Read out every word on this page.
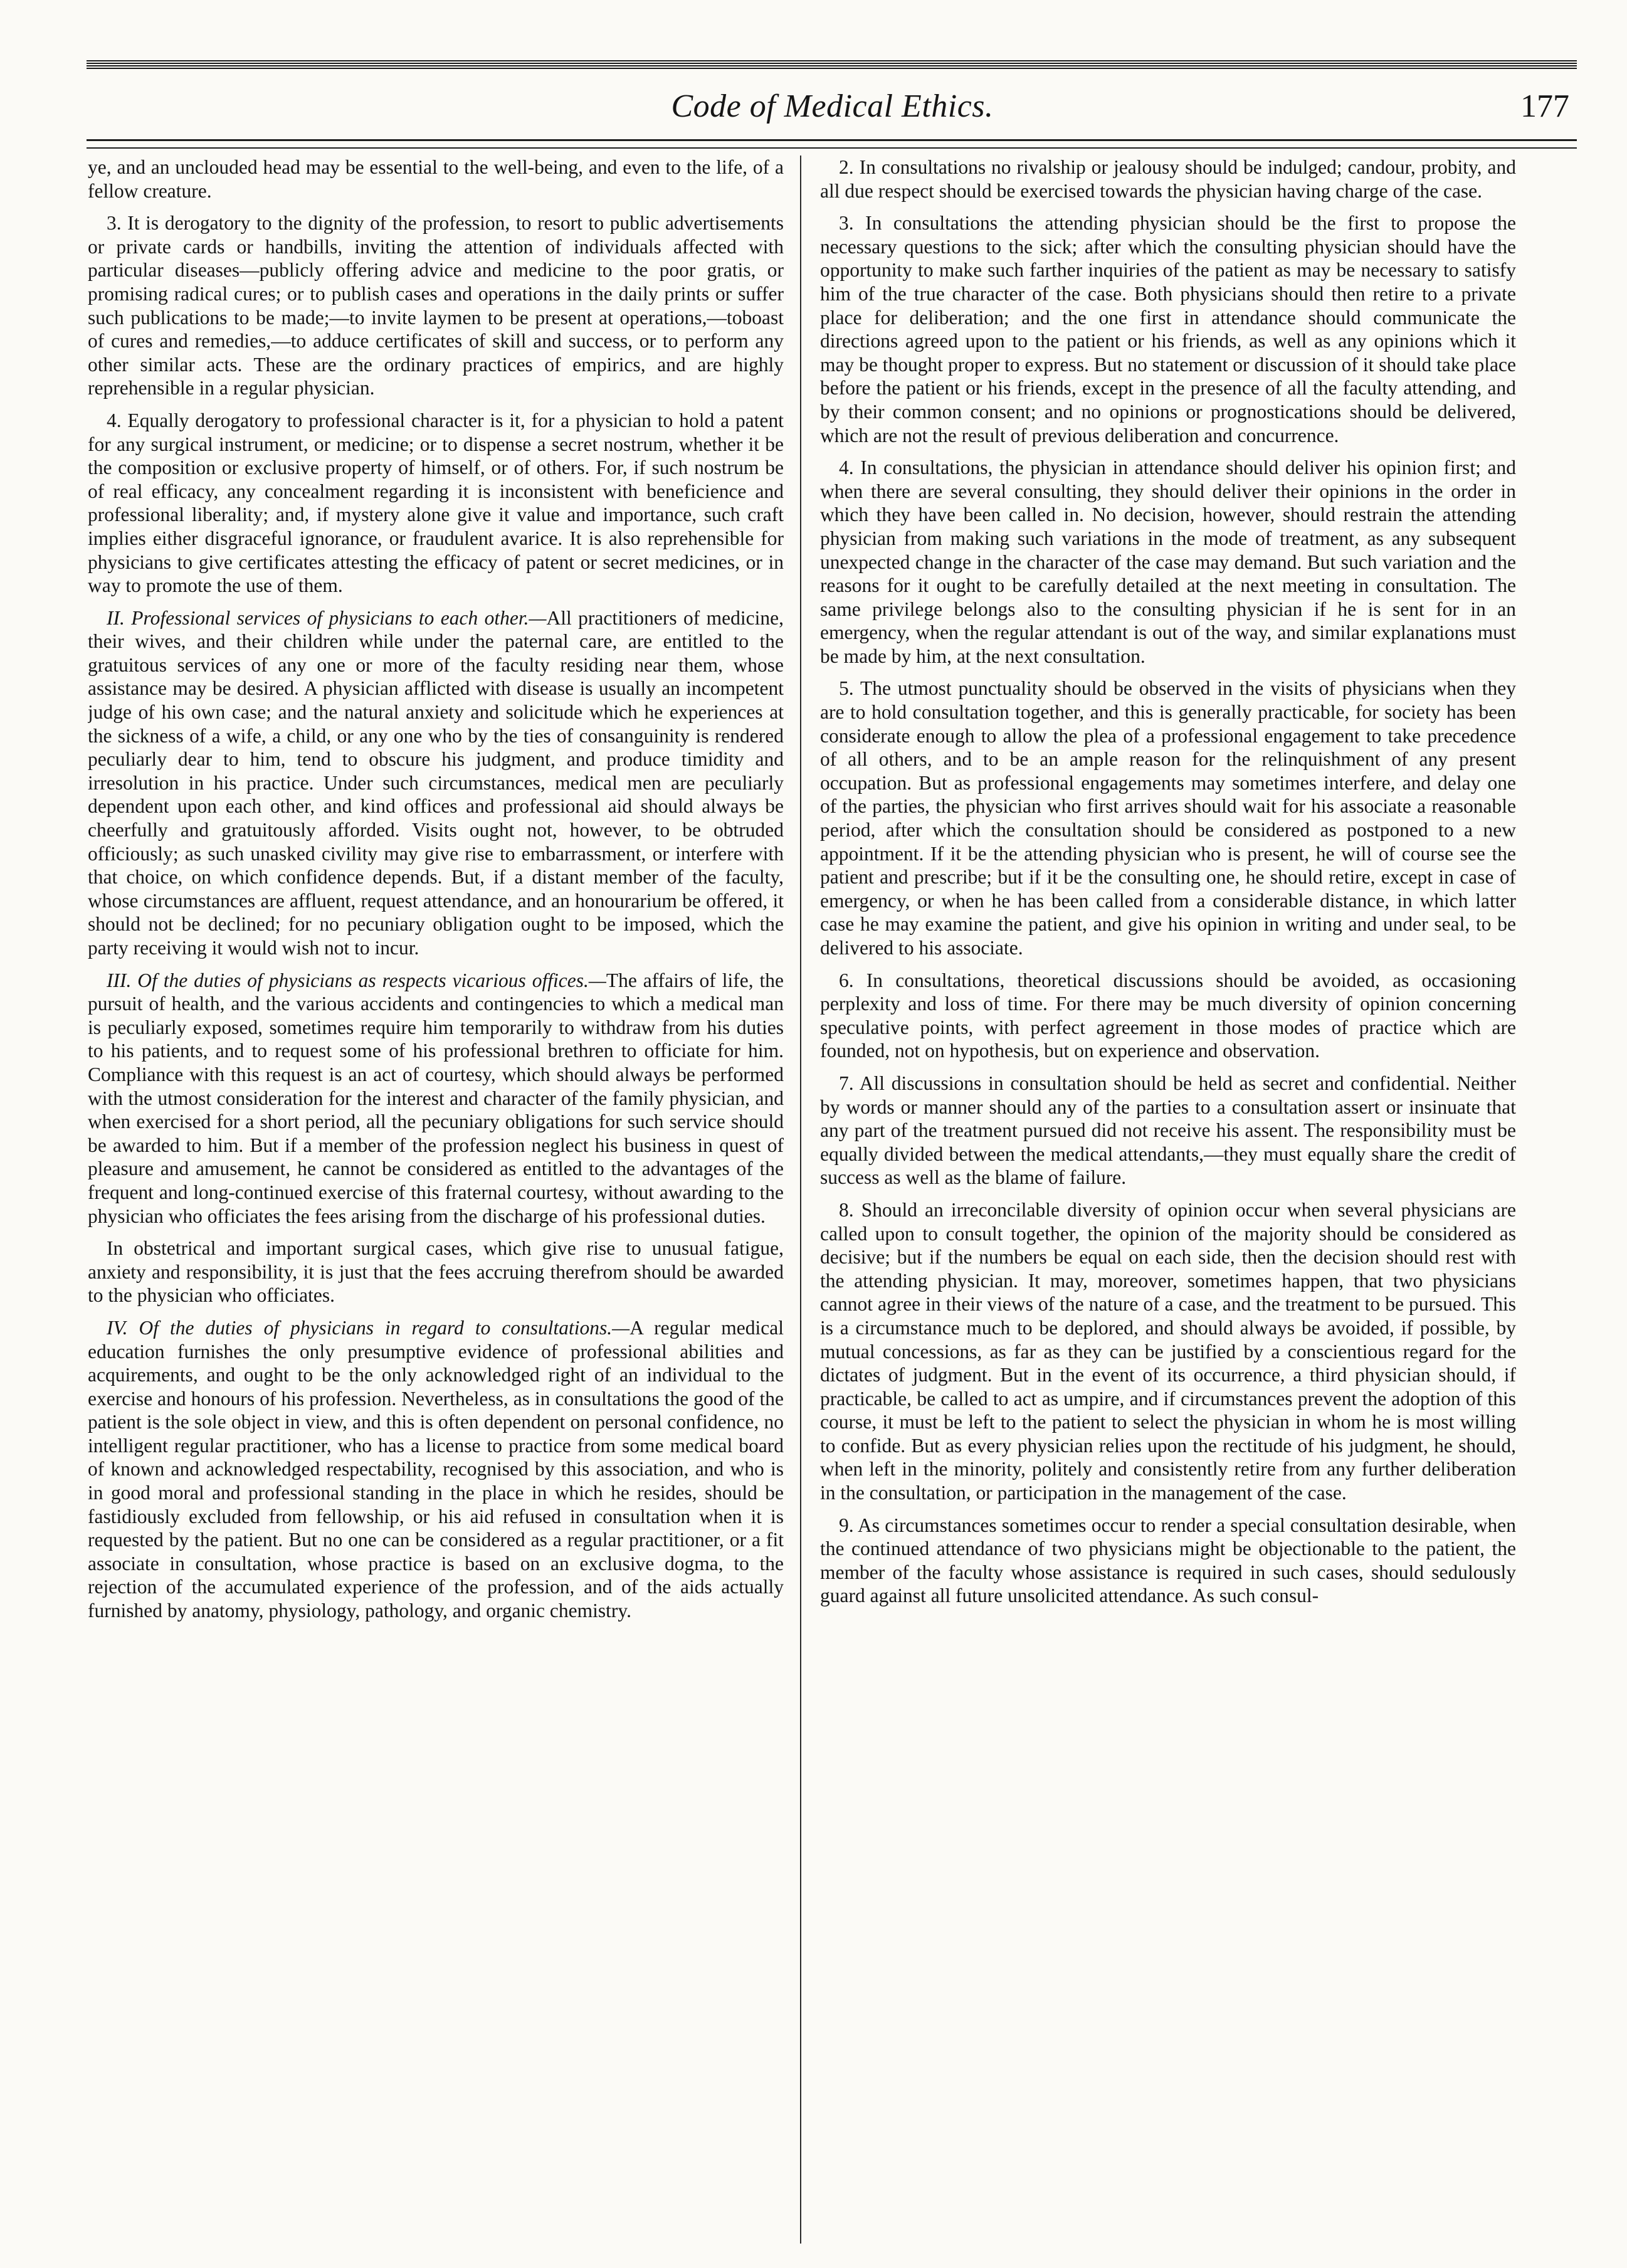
Code of Medical Ethics.	177

ye, and an unclouded head may be essential to the well-being, and even to the life, of a fellow creature.

3. It is derogatory to the dignity of the profession, to resort to public advertisements or private cards or handbills, inviting the attention of individuals affected with particular diseases—publicly offering advice and medicine to the poor gratis, or promising radical cures; or to publish cases and operations in the daily prints or suffer such publications to be made;—to invite laymen to be present at operations,—toboast of cures and remedies,—to adduce certificates of skill and success, or to perform any other similar acts. These are the ordinary practices of empirics, and are highly reprehensible in a regular physician.

4. Equally derogatory to professional character is it, for a physician to hold a patent for any surgical instrument, or medicine; or to dispense a secret nostrum, whether it be the composition or exclusive property of himself, or of others. For, if such nostrum be of real efficacy, any concealment regarding it is inconsistent with beneficience and professional liberality; and, if mystery alone give it value and importance, such craft implies either disgraceful ignorance, or fraudulent avarice. It is also reprehensible for physicians to give certificates attesting the efficacy of patent or secret medicines, or in way to promote the use of them.

II. Professional services of physicians to each other.—All practitioners of medicine, their wives, and their children while under the paternal care, are entitled to the gratuitous services of any one or more of the faculty residing near them, whose assistance may be desired. A physician afflicted with disease is usually an incompetent judge of his own case; and the natural anxiety and solicitude which he experiences at the sickness of a wife, a child, or any one who by the ties of consanguinity is rendered peculiarly dear to him, tend to obscure his judgment, and produce timidity and irresolution in his practice. Under such circumstances, medical men are peculiarly dependent upon each other, and kind offices and professional aid should always be cheerfully and gratuitously afforded. Visits ought not, however, to be obtruded officiously; as such unasked civility may give rise to embarrassment, or interfere with that choice, on which confidence depends. But, if a distant member of the faculty, whose circumstances are affluent, request attendance, and an honourarium be offered, it should not be declined; for no pecuniary obligation ought to be imposed, which the party receiving it would wish not to incur.

III. Of the duties of physicians as respects vicarious offices.—The affairs of life, the pursuit of health, and the various accidents and contingencies to which a medical man is peculiarly exposed, sometimes require him temporarily to withdraw from his duties to his patients, and to request some of his professional brethren to officiate for him. Compliance with this request is an act of courtesy, which should always be performed with the utmost consideration for the interest and character of the family physician, and when exercised for a short period, all the pecuniary obligations for such service should be awarded to him. But if a member of the profession neglect his business in quest of pleasure and amusement, he cannot be considered as entitled to the advantages of the frequent and long-continued exercise of this fraternal courtesy, without awarding to the physician who officiates the fees arising from the discharge of his professional duties.

In obstetrical and important surgical cases, which give rise to unusual fatigue, anxiety and responsibility, it is just that the fees accruing therefrom should be awarded to the physician who officiates.

IV. Of the duties of physicians in regard to consultations.—A regular medical education furnishes the only presumptive evidence of professional abilities and acquirements, and ought to be the only acknowledged right of an individual to the exercise and honours of his profession. Nevertheless, as in consultations the good of the patient is the sole object in view, and this is often dependent on personal confidence, no intelligent regular practitioner, who has a license to practice from some medical board of known and acknowledged respectability, recognised by this association, and who is in good moral and professional standing in the place in which he resides, should be fastidiously excluded from fellowship, or his aid refused in consultation when it is requested by the patient. But no one can be considered as a regular practitioner, or a fit associate in consultation, whose practice is based on an exclusive dogma, to the rejection of the accumulated experience of the profession, and of the aids actually furnished by anatomy, physiology, pathology, and organic chemistry.

2. In consultations no rivalship or jealousy should be indulged; candour, probity, and all due respect should be exercised towards the physician having charge of the case.

3. In consultations the attending physician should be the first to propose the necessary questions to the sick; after which the consulting physician should have the opportunity to make such farther inquiries of the patient as may be necessary to satisfy him of the true character of the case. Both physicians should then retire to a private place for deliberation; and the one first in attendance should communicate the directions agreed upon to the patient or his friends, as well as any opinions which it may be thought proper to express. But no statement or discussion of it should take place before the patient or his friends, except in the presence of all the faculty attending, and by their common consent; and no opinions or prognostications should be delivered, which are not the result of previous deliberation and concurrence.

4. In consultations, the physician in attendance should deliver his opinion first; and when there are several consulting, they should deliver their opinions in the order in which they have been called in. No decision, however, should restrain the attending physician from making such variations in the mode of treatment, as any subsequent unexpected change in the character of the case may demand. But such variation and the reasons for it ought to be carefully detailed at the next meeting in consultation. The same privilege belongs also to the consulting physician if he is sent for in an emergency, when the regular attendant is out of the way, and similar explanations must be made by him, at the next consultation.

5. The utmost punctuality should be observed in the visits of physicians when they are to hold consultation together, and this is generally practicable, for society has been considerate enough to allow the plea of a professional engagement to take precedence of all others, and to be an ample reason for the relinquishment of any present occupation. But as professional engagements may sometimes interfere, and delay one of the parties, the physician who first arrives should wait for his associate a reasonable period, after which the consultation should be considered as postponed to a new appointment. If it be the attending physician who is present, he will of course see the patient and prescribe; but if it be the consulting one, he should retire, except in case of emergency, or when he has been called from a considerable distance, in which latter case he may examine the patient, and give his opinion in writing and under seal, to be delivered to his associate.

6. In consultations, theoretical discussions should be avoided, as occasioning perplexity and loss of time. For there may be much diversity of opinion concerning speculative points, with perfect agreement in those modes of practice which are founded, not on hypothesis, but on experience and observation.

7. All discussions in consultation should be held as secret and confidential. Neither by words or manner should any of the parties to a consultation assert or insinuate that any part of the treatment pursued did not receive his assent. The responsibility must be equally divided between the medical attendants,—they must equally share the credit of success as well as the blame of failure.

8. Should an irreconcilable diversity of opinion occur when several physicians are called upon to consult together, the opinion of the majority should be considered as decisive; but if the numbers be equal on each side, then the decision should rest with the attending physician. It may, moreover, sometimes happen, that two physicians cannot agree in their views of the nature of a case, and the treatment to be pursued. This is a circumstance much to be deplored, and should always be avoided, if possible, by mutual concessions, as far as they can be justified by a conscientious regard for the dictates of judgment. But in the event of its occurrence, a third physician should, if practicable, be called to act as umpire, and if circumstances prevent the adoption of this course, it must be left to the patient to select the physician in whom he is most willing to confide. But as every physician relies upon the rectitude of his judgment, he should, when left in the minority, politely and consistently retire from any further deliberation in the consultation, or participation in the management of the case.

9. As circumstances sometimes occur to render a special consultation desirable, when the continued attendance of two physicians might be objectionable to the patient, the member of the faculty whose assistance is required in such cases, should sedulously guard against all future unsolicited attendance. As such consul-
